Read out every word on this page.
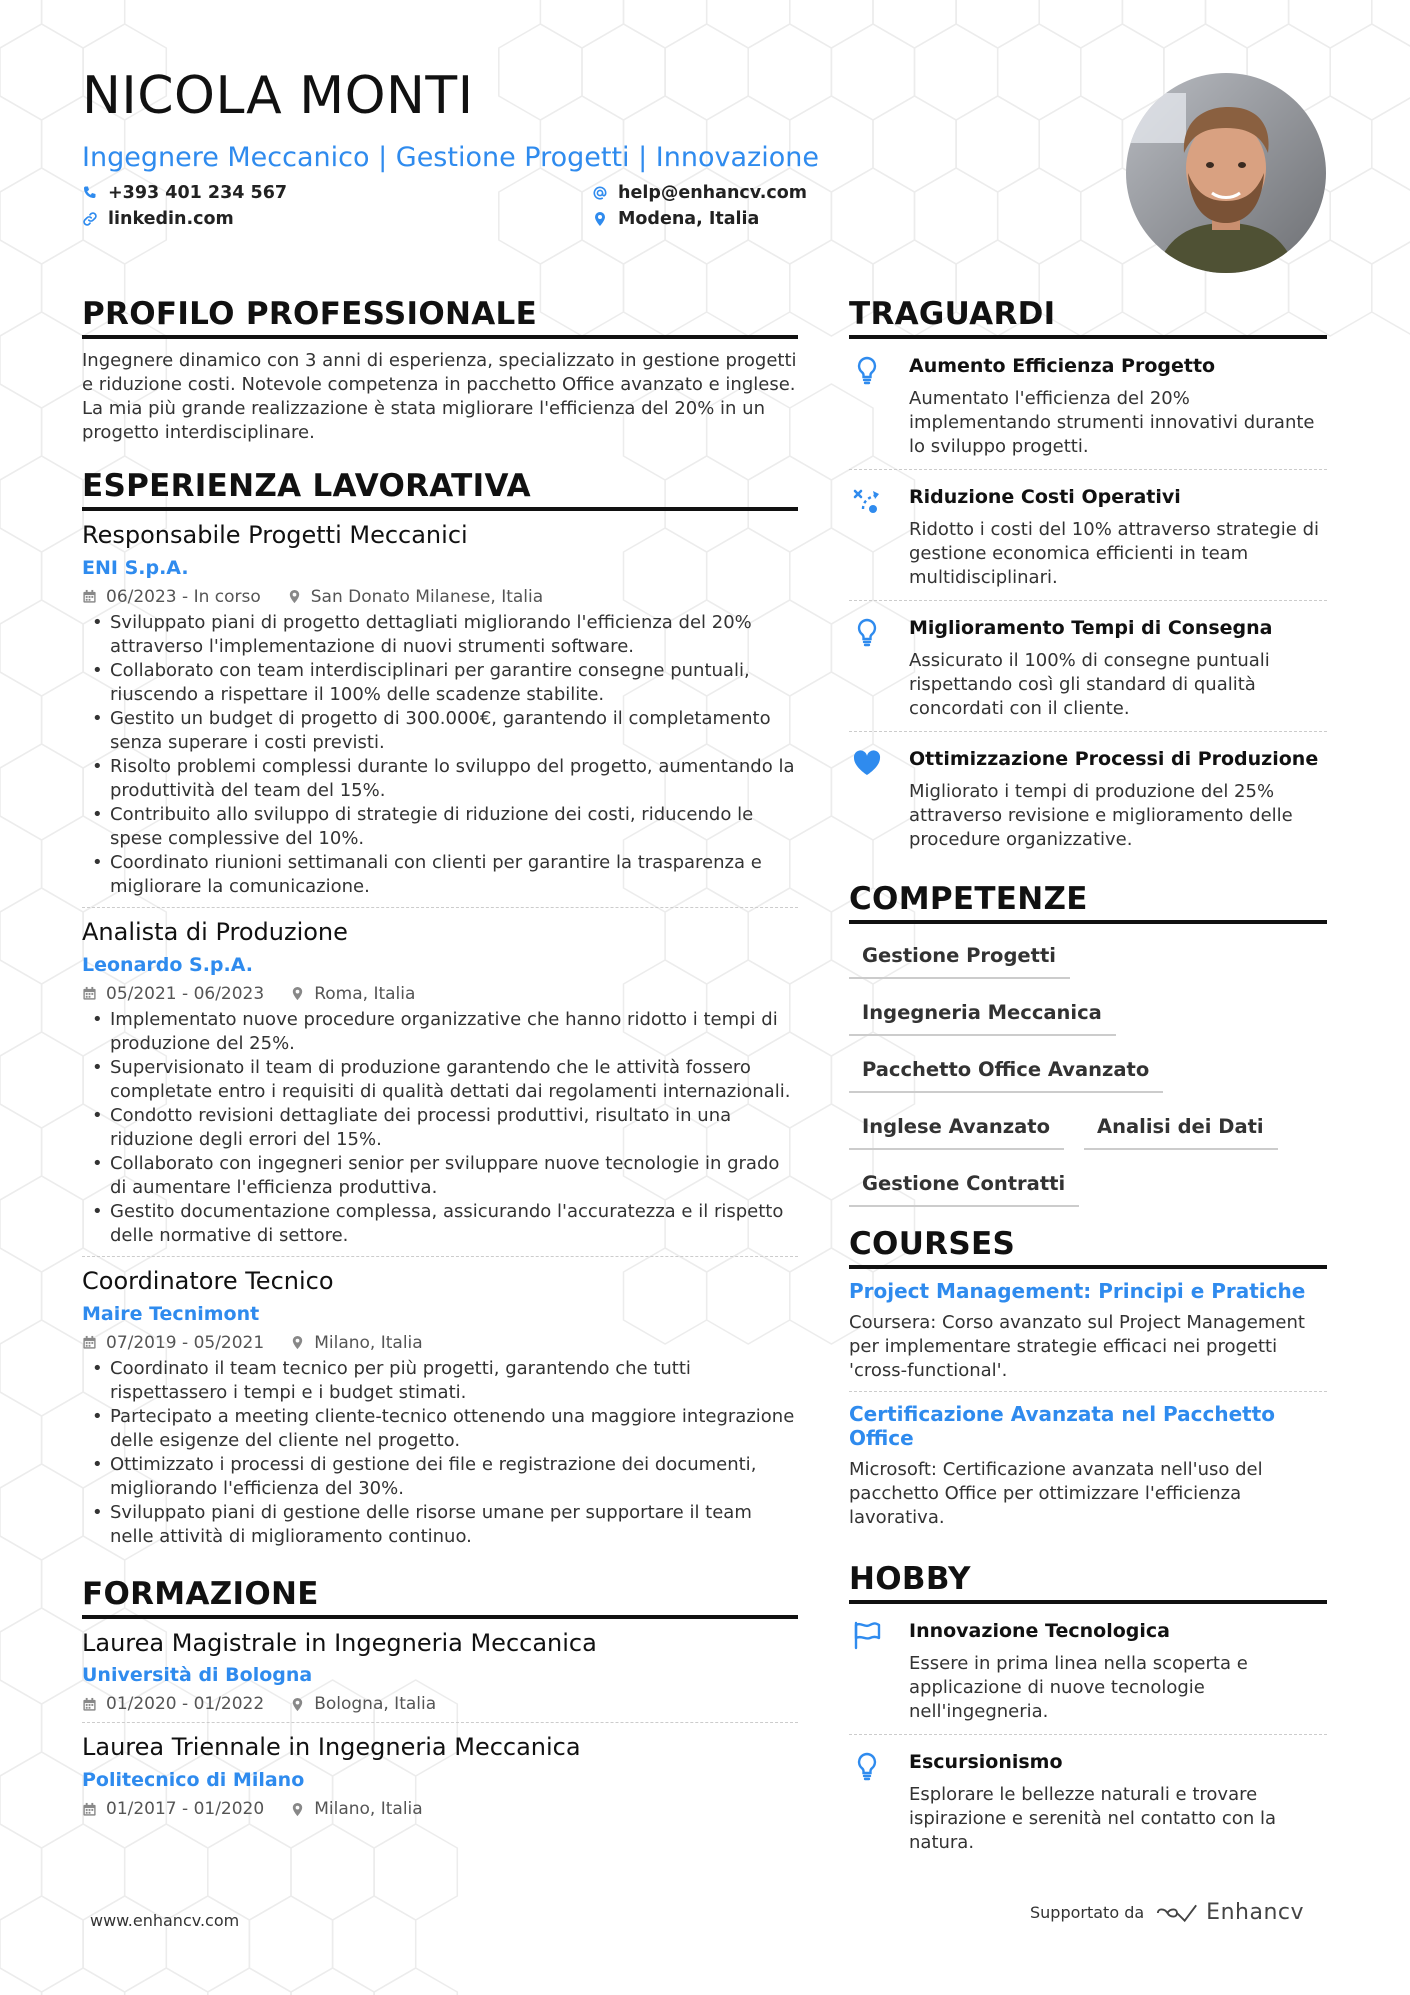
NICOLA MONTI
Ingegnere Meccanico | Gestione Progetti | Innovazione
+393 401 234 567	help@enhancv.com
linkedin.com	Modena, Italia
PROFILO PROFESSIONALE

Ingegnere dinamico con 3 anni di esperienza, specializzato in gestione progetti e riduzione costi. Notevole competenza in pacchetto Office avanzato e inglese. La mia più grande realizzazione è stata migliorare l'efficienza del 20% in un progetto interdisciplinare.

ESPERIENZA LAVORATIVA
Responsabile Progetti Meccanici
ENI S.p.A.
06/2023 - In corso	San Donato Milanese, Italia
• Sviluppato piani di progetto dettagliati migliorando l'efficienza del 20% attraverso l'implementazione di nuovi strumenti software.
• Collaborato con team interdisciplinari per garantire consegne puntuali, riuscendo a rispettare il 100% delle scadenze stabilite.
• Gestito un budget di progetto di 300.000€, garantendo il completamento senza superare i costi previsti.
• Risolto problemi complessi durante lo sviluppo del progetto, aumentando la produttività del team del 15%.
• Contribuito allo sviluppo di strategie di riduzione dei costi, riducendo le spese complessive del 10%.
• Coordinato riunioni settimanali con clienti per garantire la trasparenza e migliorare la comunicazione.
Analista di Produzione
Leonardo S.p.A.
05/2021 - 06/2023	Roma, Italia
• Implementato nuove procedure organizzative che hanno ridotto i tempi di produzione del 25%.
• Supervisionato il team di produzione garantendo che le attività fossero completate entro i requisiti di qualità dettati dai regolamenti internazionali.
• Condotto revisioni dettagliate dei processi produttivi, risultato in una riduzione degli errori del 15%.
• Collaborato con ingegneri senior per sviluppare nuove tecnologie in grado di aumentare l'efficienza produttiva.
• Gestito documentazione complessa, assicurando l'accuratezza e il rispetto delle normative di settore.
Coordinatore Tecnico
Maire Tecnimont
07/2019 - 05/2021	Milano, Italia
• Coordinato il team tecnico per più progetti, garantendo che tutti rispettassero i tempi e i budget stimati.
• Partecipato a meeting cliente-tecnico ottenendo una maggiore integrazione delle esigenze del cliente nel progetto.
• Ottimizzato i processi di gestione dei file e registrazione dei documenti, migliorando l'efficienza del 30%.
• Sviluppato piani di gestione delle risorse umane per supportare il team nelle attività di miglioramento continuo.
FORMAZIONE
Laurea Magistrale in Ingegneria Meccanica
Università di Bologna
01/2020 - 01/2022	Bologna, Italia
Laurea Triennale in Ingegneria Meccanica
Politecnico di Milano
01/2017 - 01/2020	Milano, Italia
TRAGUARDI
Aumento Efficienza Progetto
Aumentato l'efficienza del 20% implementando strumenti innovativi durante lo sviluppo progetti.
Riduzione Costi Operativi
Ridotto i costi del 10% attraverso strategie di gestione economica efficienti in team multidisciplinari.
Miglioramento Tempi di Consegna
Assicurato il 100% di consegne puntuali rispettando così gli standard di qualità concordati con il cliente.
Ottimizzazione Processi di Produzione
Migliorato i tempi di produzione del 25% attraverso revisione e miglioramento delle procedure organizzative.
COMPETENZE
Gestione Progetti
Ingegneria Meccanica
Pacchetto Office Avanzato
Inglese Avanzato	Analisi dei Dati
Gestione Contratti
COURSES
Project Management: Principi e Pratiche
Coursera: Corso avanzato sul Project Management per implementare strategie efficaci nei progetti 'cross-functional'.
Certificazione Avanzata nel Pacchetto Office
Microsoft: Certificazione avanzata nell'uso del pacchetto Office per ottimizzare l'efficienza lavorativa.
HOBBY
Innovazione Tecnologica
Essere in prima linea nella scoperta e applicazione di nuove tecnologie nell'ingegneria.
Escursionismo
Esplorare le bellezze naturali e trovare ispirazione e serenità nel contatto con la natura.
www.enhancv.com	Supportato da	Enhancv
